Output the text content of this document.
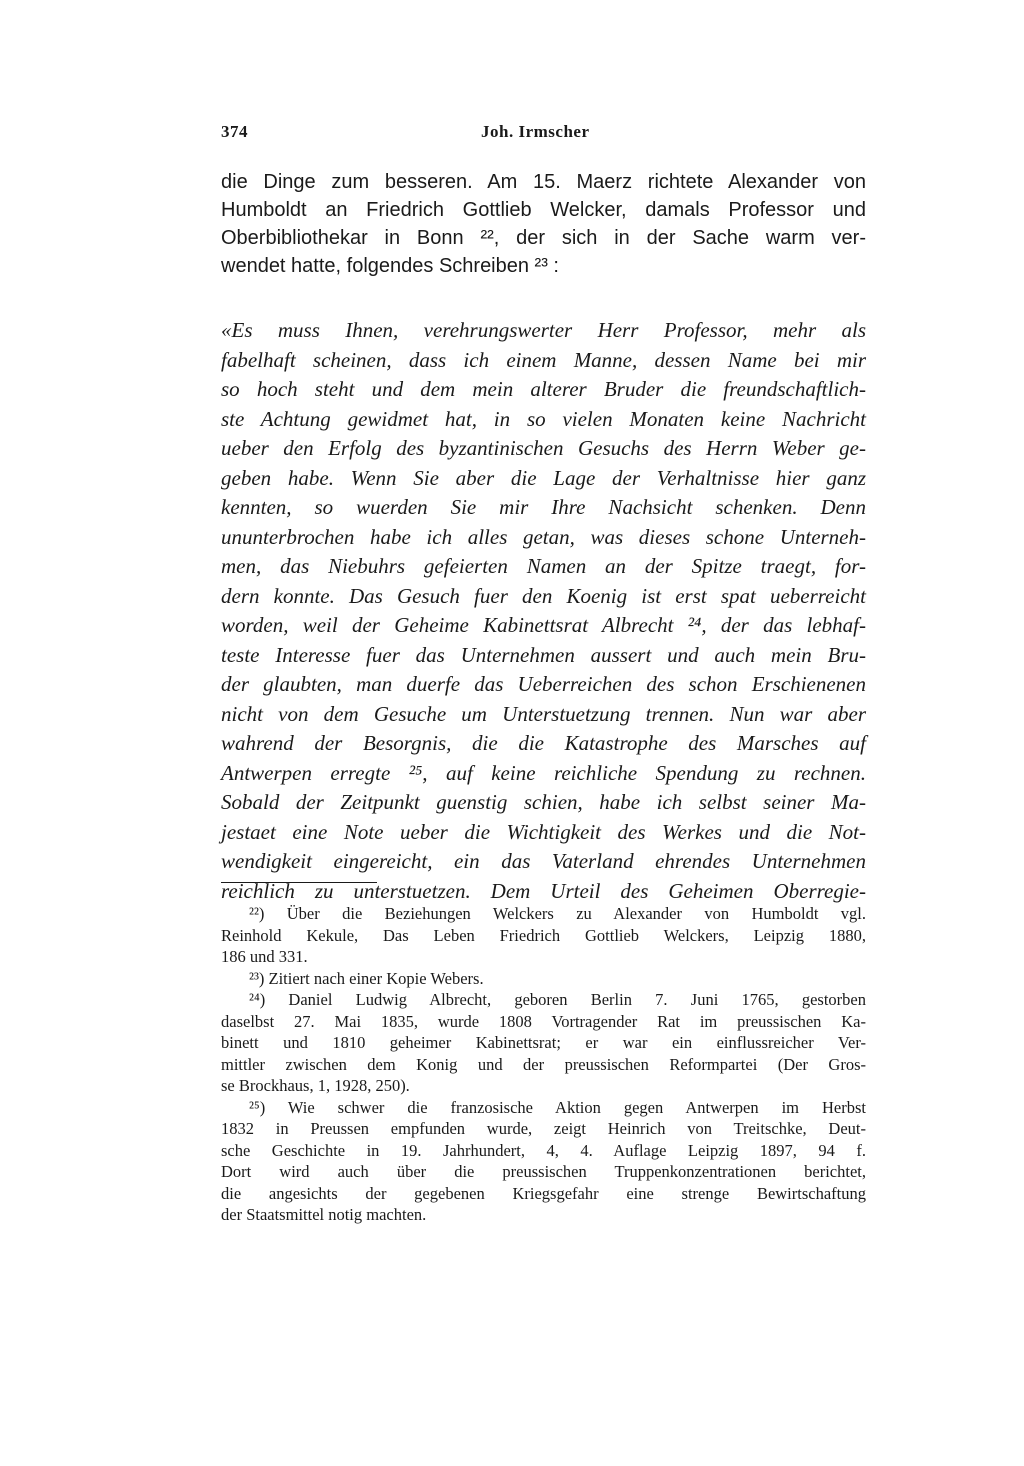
374	Joh. Irmscher
die Dinge zum besseren. Am 15. Maerz richtete Alexander von
Humboldt an Friedrich Gottlieb Welcker, damals Professor und
Oberbibliothekar in Bonn ²², der sich in der Sache warm ver-
wendet hatte, folgendes Schreiben ²³ :
«Es muss Ihnen, verehrungswerter Herr Professor, mehr als
fabelhaft scheinen, dass ich einem Manne, dessen Name bei mir
so hoch steht und dem mein alterer Bruder die freundschaftlich-
ste Achtung gewidmet hat, in so vielen Monaten keine Nachricht
ueber den Erfolg des byzantinischen Gesuchs des Herrn Weber ge-
geben habe. Wenn Sie aber die Lage der Verhaltnisse hier ganz
kennten, so wuerden Sie mir Ihre Nachsicht schenken. Denn
ununterbrochen habe ich alles getan, was dieses schone Unterneh-
men, das Niebuhrs gefeierten Namen an der Spitze traegt, for-
dern konnte. Das Gesuch fuer den Koenig ist erst spat ueberreicht
worden, weil der Geheime Kabinettsrat Albrecht ²⁴, der das lebhaf-
teste Interesse fuer das Unternehmen aussert und auch mein Bru-
der glaubten, man duerfe das Ueberreichen des schon Erschienenen
nicht von dem Gesuche um Unterstuetzung trennen. Nun war aber
wahrend der Besorgnis, die die Katastrophe des Marsches auf
Antwerpen erregte ²⁵, auf keine reichliche Spendung zu rechnen.
Sobald der Zeitpunkt guenstig schien, habe ich selbst seiner Ma-
jestaet eine Note ueber die Wichtigkeit des Werkes und die Not-
wendigkeit eingereicht, ein das Vaterland ehrendes Unternehmen
reichlich zu unterstuetzen. Dem Urteil des Geheimen Oberregie-
²²) Über die Beziehungen Welckers zu Alexander von Humboldt vgl.
Reinhold Kekule, Das Leben Friedrich Gottlieb Welckers, Leipzig 1880,
186 und 331.
²³) Zitiert nach einer Kopie Webers.
²⁴) Daniel Ludwig Albrecht, geboren Berlin 7. Juni 1765, gestorben
daselbst 27. Mai 1835, wurde 1808 Vortragender Rat im preussischen Ka-
binett und 1810 geheimer Kabinettsrat; er war ein einflussreicher Ver-
mittler zwischen dem Konig und der preussischen Reformpartei (Der Gros-
se Brockhaus, 1, 1928, 250).
²⁵) Wie schwer die franzosische Aktion gegen Antwerpen im Herbst
1832 in Preussen empfunden wurde, zeigt Heinrich von Treitschke, Deut-
sche Geschichte in 19. Jahrhundert, 4, 4. Auflage Leipzig 1897, 94 f.
Dort wird auch über die preussischen Truppenkonzentrationen berichtet,
die angesichts der gegebenen Kriegsgefahr eine strenge Bewirtschaftung
der Staatsmittel notig machten.
